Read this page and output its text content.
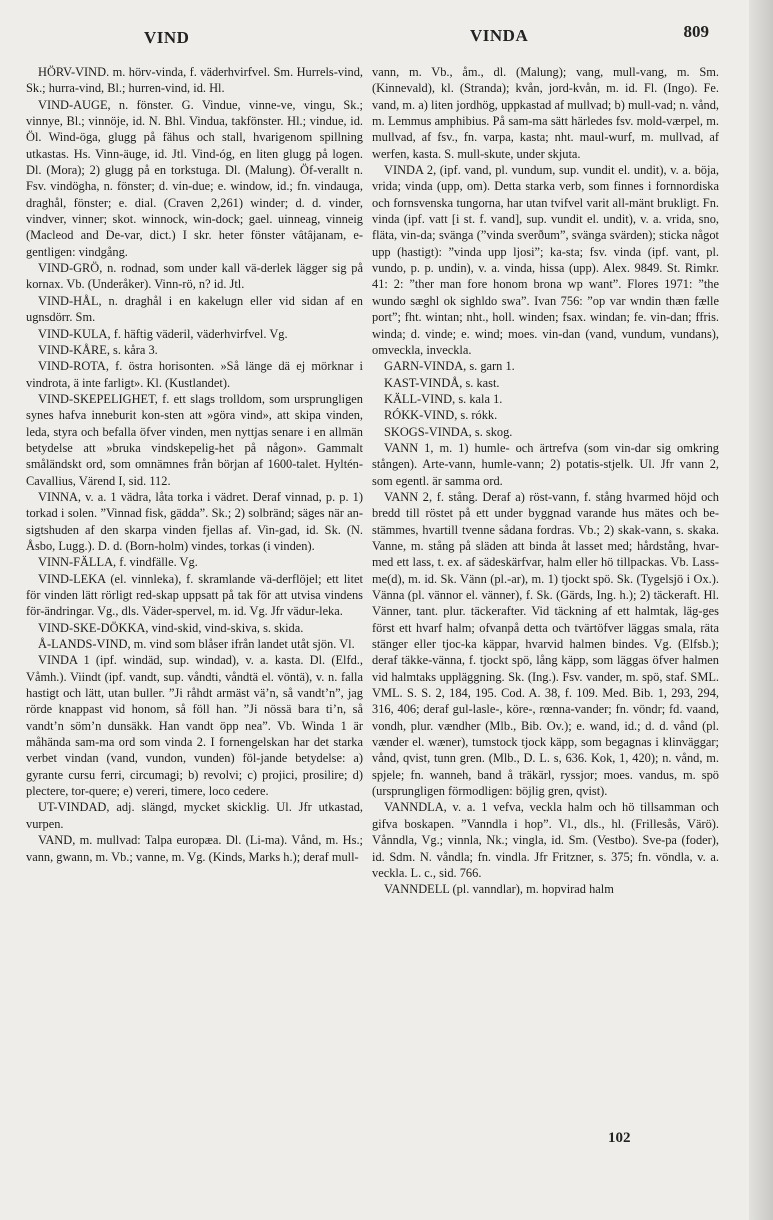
VIND	VINDA	809

HÖRV-VIND. m. hörv-vinda, f. väderhvirfvel. Sm. Hurrels-vind, Sk.; hurra-vind, Bl.; hurren-vind, id. Hl.

VIND-AUGE, n. fönster. G. Vindue, vinne-ve, vingu, Sk.; vinnye, Bl.; vinnöje, id. N. Bhl. Vindua, takfönster. Hl.; vindue, id. Öl. Wind-öga, glugg på fähus och stall, hvarigenom spillning utkastas. Hs. Vinn-äuge, id. Jtl. Vind-óg, en liten glugg på logen. Dl. (Mora); 2) glugg på en torkstuga. Dl. (Malung). Öf-verallt n. Fsv. vindögha, n. fönster; d. vin-due; e. window, id.; fn. vindauga, draghål, fönster; e. dial. (Craven 2,261) winder; d. d. vinder, vindver, vinner; skot. winnock, win-dock; gael. uinneag, vinneig (Macleod and De-var, dict.) I skr. heter fönster vâtâjanam, e-gentligen: vindgång.

VIND-GRÖ, n. rodnad, som under kall vä-derlek lägger sig på kornax. Vb. (Underåker). Vinn-rö, n? id. Jtl.

VIND-HÅL, n. draghål i en kakelugn eller vid sidan af en ugnsdörr. Sm.

VIND-KULA, f. häftig väderil, väderhvirfvel. Vg.

VIND-KÅRE, s. kåra 3.

VIND-ROTA, f. östra horisonten. »Så länge dä ej mörknar i vindrota, ä inte farligt». Kl. (Kustlandet).

VIND-SKEPELIGHET, f. ett slags trolldom, som ursprungligen synes hafva inneburit kon-sten att »göra vind», att skipa vinden, leda, styra och befalla öfver vinden, men nyttjas senare i en allmän betydelse att »bruka vindskepelig-het på någon». Gammalt småländskt ord, som omnämnes från början af 1600-talet. Hyltén-Cavallius, Värend I, sid. 112.

VINNA, v. a. 1 vädra, låta torka i vädret. Deraf vinnad, p. p. 1) torkad i solen. ”Vinnad fisk, gädda”. Sk.; 2) solbränd; säges när an-sigtshuden af den skarpa vinden fjellas af. Vin-gad, id. Sk. (N. Åsbo, Lugg.). D. d. (Born-holm) vindes, torkas (i vinden).

VINN-FÄLLA, f. vindfälle. Vg.

VIND-LEKA (el. vinnleka), f. skramlande vä-derflöjel; ett litet för vinden lätt rörligt red-skap uppsatt på tak för att utvisa vindens för-ändringar. Vg., dls. Väder-spervel, m. id. Vg. Jfr vädur-leka.

VIND-SKE-DÖKKA, vind-skid, vind-skiva, s. skida.

Å-LANDS-VIND, m. vind som blåser ifrån landet utåt sjön. Vl.

VINDA 1 (ipf. windäd, sup. windad), v. a. kasta. Dl. (Elfd., Våmh.). Viindt (ipf. vandt, sup. våndti, våndtä el. vöntä), v. n. falla hastigt och lätt, utan buller. ”Ji råhdt armäst vä’n, så vandt’n”, jag rörde knappast vid honom, så föll han. ”Ji nössä bara ti’n, så vandt’n söm’n dunsäkk. Han vandt öpp nea”. Vb. Winda 1 är måhända sam-ma ord som vinda 2. I fornengelskan har det starka verbet vindan (vand, vundon, vunden) föl-jande betydelse: a) gyrante cursu ferri, circumagi; b) revolvi; c) projici, prosilire; d) plectere, tor-quere; e) vereri, timere, loco cedere.

UT-VINDAD, adj. slängd, mycket skicklig. Ul. Jfr utkastad, vurpen.

VAND, m. mullvad: Talpa europæa. Dl. (Li-ma). Vånd, m. Hs.; vann, gwann, m. Vb.; vanne, m. Vg. (Kinds, Marks h.); deraf mull-

vann, m. Vb., åm., dl. (Malung); vang, mull-vang, m. Sm. (Kinnevald), kl. (Stranda); kvån, jord-kvån, m. id. Fl. (Ingo). Fe. vand, m. a) liten jordhög, uppkastad af mullvad; b) mull-vad; n. vånd, m. Lemmus amphibius. På sam-ma sätt härledes fsv. mold-værpel, m. mullvad, af fsv., fn. varpa, kasta; nht. maul-wurf, m. mullvad, af werfen, kasta. S. mull-skute, under skjuta.

VINDA 2, (ipf. vand, pl. vundum, sup. vundit el. undit), v. a. böja, vrida; vinda (upp, om). Detta starka verb, som finnes i fornnordiska och fornsvenska tungorna, har utan tvifvel varit all-mänt brukligt. Fn. vinda (ipf. vatt [i st. f. vand], sup. vundit el. undit), v. a. vrida, sno, fläta, vin-da; svänga (”vinda sverðum”, svänga svärden); sticka något upp (hastigt): ”vinda upp ljosi”; ka-sta; fsv. vinda (ipf. vant, pl. vundo, p. p. undin), v. a. vinda, hissa (upp). Alex. 9849. St. Rimkr. 41: 2: ”ther man fore honom brona wp want”. Flores 1971: ”the wundo sæghl ok sighldo swa”. Ivan 756: ”op var wndin thæn fælle port”; fht. wintan; nht., holl. winden; fsax. windan; fe. vin-dan; ffris. winda; d. vinde; e. wind; moes. vin-dan (vand, vundum, vundans), omveckla, inveckla.

GARN-VINDA, s. garn 1.

KAST-VINDÅ, s. kast.

KÄLL-VIND, s. kala 1.

RÓKK-VIND, s. rókk.

SKOGS-VINDA, s. skog.

VANN 1, m. 1) humle- och ärtrefva (som vin-dar sig omkring stången). Arte-vann, humle-vann; 2) potatis-stjelk. Ul. Jfr vann 2, som egentl. är samma ord.

VANN 2, f. stång. Deraf a) röst-vann, f. stång hvarmed höjd och bredd till röstet på ett under byggnad varande hus mätes och be-stämmes, hvartill tvenne sådana fordras. Vb.; 2) skak-vann, s. skaka. Vanne, m. stång på släden att binda åt lasset med; hårdstång, hvar-med ett lass, t. ex. af sädeskärfvar, halm eller hö tillpackas. Vb. Lass-me(d), m. id. Sk. Vänn (pl.-ar), m. 1) tjockt spö. Sk. (Tygelsjö i Ox.). Vänna (pl. vännor el. vänner), f. Sk. (Gärds, Ing. h.); 2) täckeraft. Hl. Vänner, tant. plur. täckerafter. Vid täckning af ett halmtak, läg-ges först ett hvarf halm; ofvanpå detta och tvärtöfver läggas smala, räta stänger eller tjoc-ka käppar, hvarvid halmen bindes. Vg. (Elfsb.); deraf täkke-vänna, f. tjockt spö, lång käpp, som läggas öfver halmen vid halmtaks uppläggning. Sk. (Ing.). Fsv. vander, m. spö, staf. SML. VML. S. S. 2, 184, 195. Cod. A. 38, f. 109. Med. Bib. 1, 293, 294, 316, 406; deraf gul-lasle-, köre-, rœnna-vander; fn. vöndr; fd. vaand, vondh, plur. vændher (Mlb., Bib. Ov.); e. wand, id.; d. d. vånd (pl. vænder el. wæner), tumstock tjock käpp, som begagnas i klinväggar; vånd, qvist, tunn gren. (Mlb., D. L. s, 636. Kok, 1, 420); n. vånd, m. spjele; fn. wanneh, band å träkärl, ryssjor; moes. vandus, m. spö (ursprungligen förmodligen: böjlig gren, qvist).

VANNDLA, v. a. 1 vefva, veckla halm och hö tillsamman och gifva boskapen. ”Vanndla i hop”. Vl., dls., hl. (Frillesås, Värö). Vånndla, Vg.; vinnla, Nk.; vingla, id. Sm. (Vestbo). Sve-pa (foder), id. Sdm. N. våndla; fn. vindla. Jfr Fritzner, s. 375; fn. vöndla, v. a. veckla. L. c., sid. 766.

VANNDELL (pl. vanndlar), m. hopvirad halm

102
